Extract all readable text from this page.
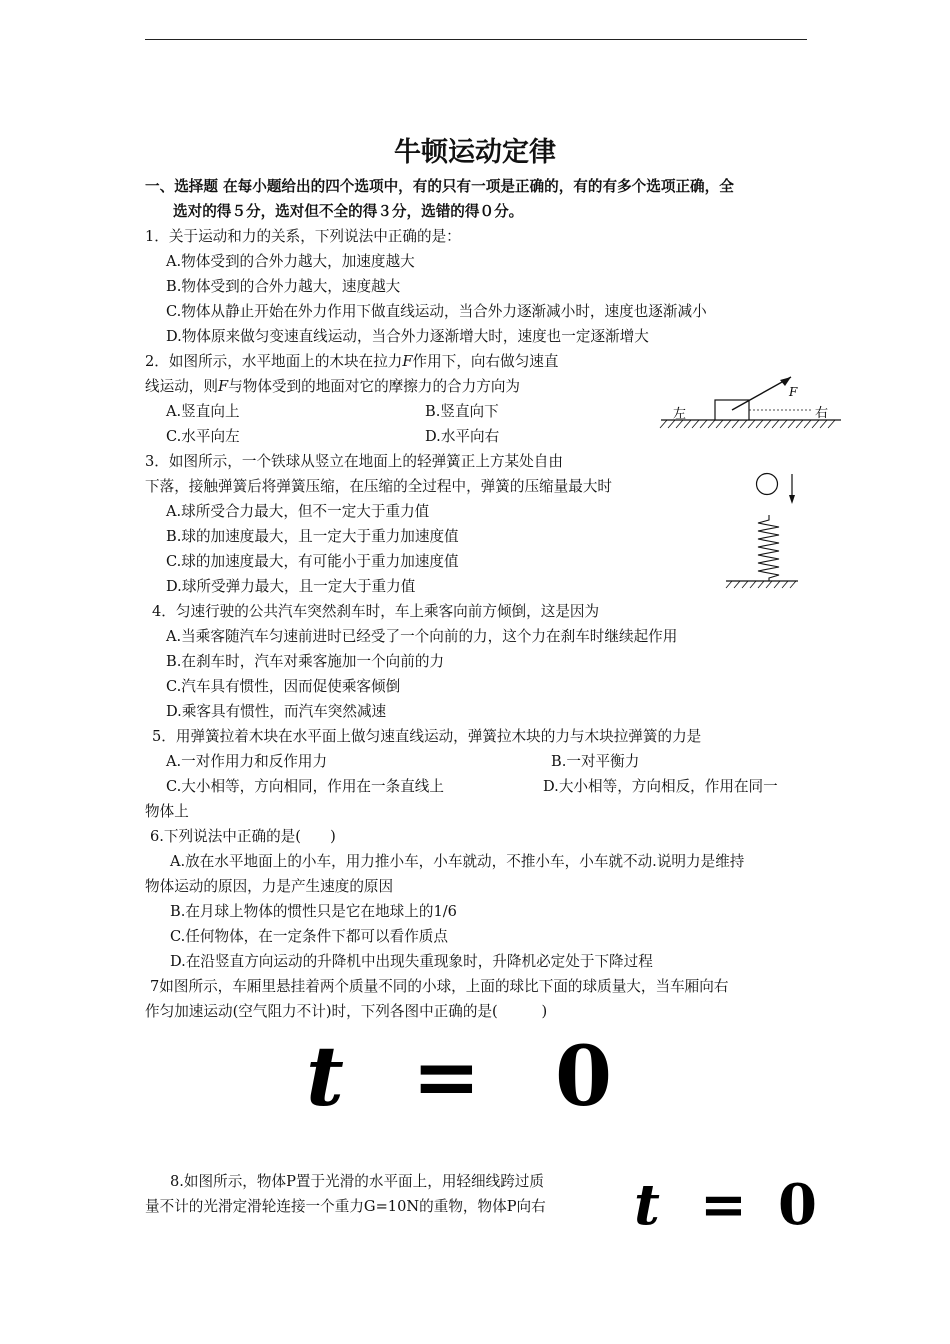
牛顿运动定律
一、选择题 在每小题给出的四个选项中，有的只有一项是正确的，有的有多个选项正确，全
选对的得５分，选对但不全的得３分，选错的得０分。
1．关于运动和力的关系，下列说法中正确的是：
A.物体受到的合外力越大，加速度越大
B.物体受到的合外力越大，速度越大
C.物体从静止开始在外力作用下做直线运动，当合外力逐渐减小时，速度也逐渐减小
D.物体原来做匀变速直线运动，当合外力逐渐增大时，速度也一定逐渐增大
2．如图所示，水平地面上的木块在拉力F作用下，向右做匀速直
线运动，则F与物体受到的地面对它的摩擦力的合力方向为
A.竖直向上	B.竖直向下
C.水平向左	D.水平向右
F
左	右
3．如图所示，一个铁球从竖立在地面上的轻弹簧正上方某处自由
下落，接触弹簧后将弹簧压缩，在压缩的全过程中，弹簧的压缩量最大时
A.球所受合力最大，但不一定大于重力值
B.球的加速度最大，且一定大于重力加速度值
C.球的加速度最大，有可能小于重力加速度值
D.球所受弹力最大，且一定大于重力值
4．匀速行驶的公共汽车突然刹车时，车上乘客向前方倾倒，这是因为
A.当乘客随汽车匀速前进时已经受了一个向前的力，这个力在刹车时继续起作用
B.在刹车时，汽车对乘客施加一个向前的力
C.汽车具有惯性，因而促使乘客倾倒
D.乘客具有惯性，而汽车突然减速
5．用弹簧拉着木块在水平面上做匀速直线运动，弹簧拉木块的力与木块拉弹簧的力是
A.一对作用力和反作用力	B.一对平衡力
C.大小相等，方向相同，作用在一条直线上	D.大小相等，方向相反，作用在同一
物体上
6.下列说法中正确的是(　　)
A.放在水平地面上的小车，用力推小车，小车就动，不推小车，小车就不动.说明力是维持
物体运动的原因，力是产生速度的原因
B.在月球上物体的惯性只是它在地球上的1/6
C.任何物体，在一定条件下都可以看作质点
D.在沿竖直方向运动的升降机中出现失重现象时，升降机必定处于下降过程
7如图所示，车厢里悬挂着两个质量不同的小球，上面的球比下面的球质量大，当车厢向右
作匀加速运动(空气阻力不计)时，下列各图中正确的是(　　　)
t = 0
8.如图所示，物体P置于光滑的水平面上，用轻细线跨过质
量不计的光滑定滑轮连接一个重力G=10N的重物，物体P向右 t = 0
